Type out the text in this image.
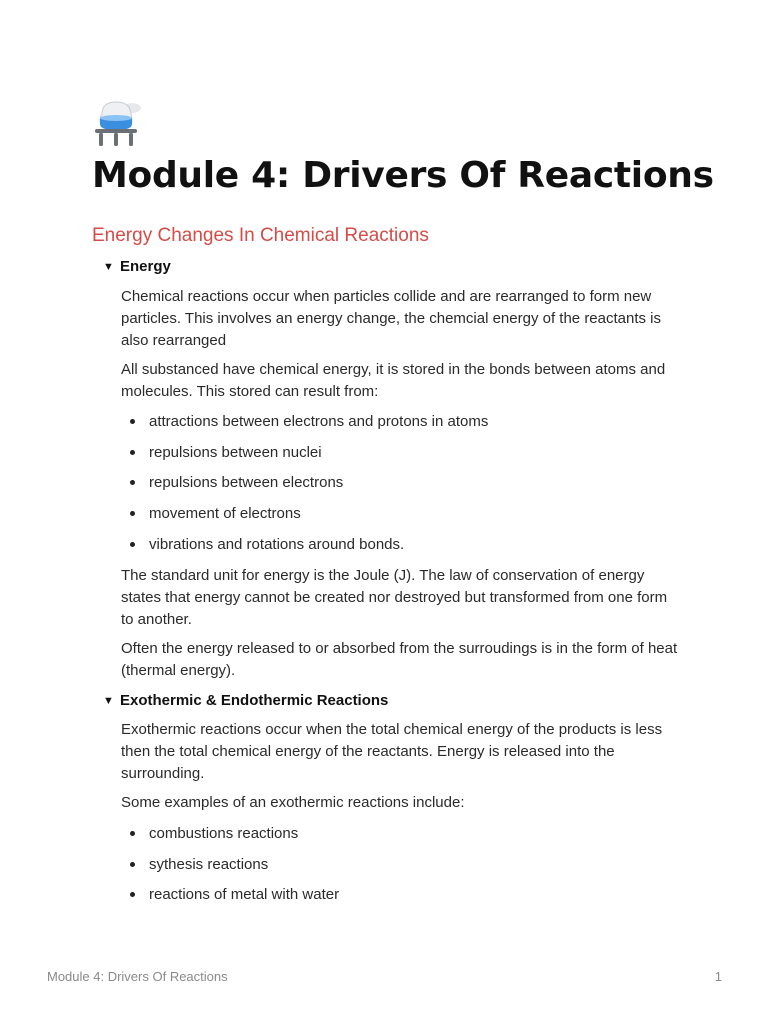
Module 4: Drivers Of Reactions
Energy Changes In Chemical Reactions
▼ Energy

Chemical reactions occur when particles collide and are rearranged to form new particles. This involves an energy change, the chemcial energy of the reactants is also rearranged

All substanced have chemical energy, it is stored in the bonds between atoms and molecules. This stored can result from:

attractions between electrons and protons in atoms
repulsions between nuclei
repulsions between electrons
movement of electrons
vibrations and rotations around bonds.

The standard unit for energy is the Joule (J). The law of conservation of energy states that energy cannot be created nor destroyed but transformed from one form to another.

Often the energy released to or absorbed from the surroudings is in the form of heat (thermal energy).

▼ Exothermic & Endothermic Reactions

Exothermic reactions occur when the total chemical energy of the products is less then the total chemical energy of the reactants. Energy is released into the surrounding.

Some examples of an exothermic reactions include:

combustions reactions
sythesis reactions
reactions of metal with water
Module 4: Drivers Of Reactions	1
